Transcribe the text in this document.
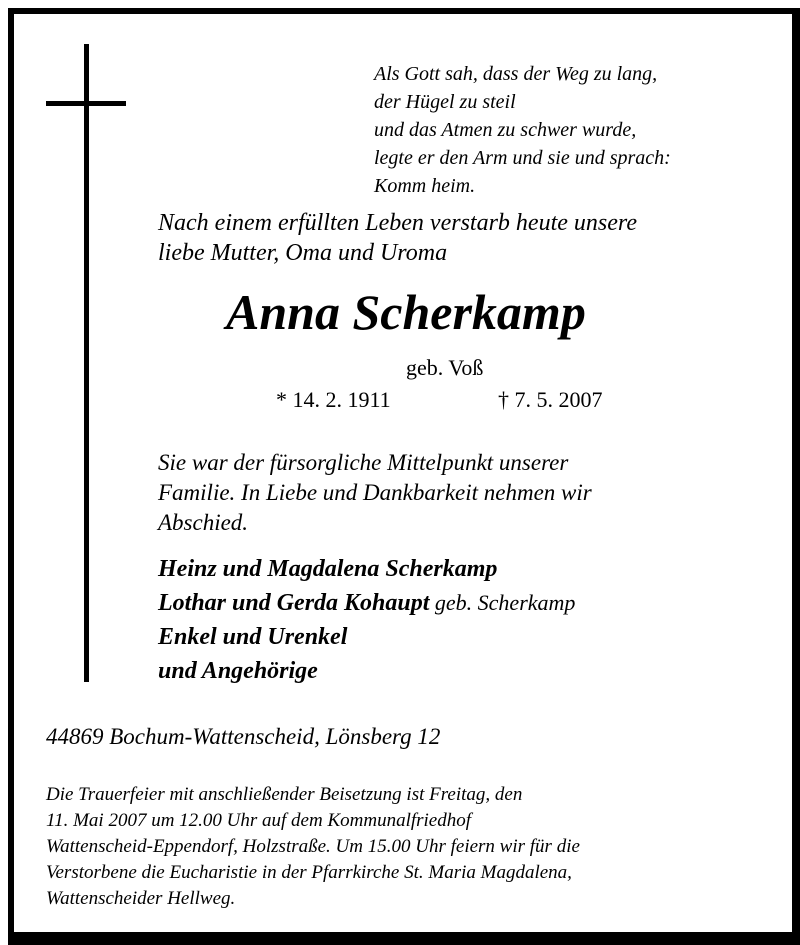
Als Gott sah, dass der Weg zu lang,
der Hügel zu steil
und das Atmen zu schwer wurde,
legte er den Arm und sie und sprach:
Komm heim.
Nach einem erfüllten Leben verstarb heute unsere
liebe Mutter, Oma und Uroma
Anna Scherkamp
geb. Voß
* 14. 2. 1911	† 7. 5. 2007
Sie war der fürsorgliche Mittelpunkt unserer
Familie. In Liebe und Dankbarkeit nehmen wir
Abschied.
Heinz und Magdalena Scherkamp
Lothar und Gerda Kohaupt geb. Scherkamp
Enkel und Urenkel
und Angehörige
44869 Bochum-Wattenscheid, Lönsberg 12
Die Trauerfeier mit anschließender Beisetzung ist Freitag, den
11. Mai 2007 um 12.00 Uhr auf dem Kommunalfriedhof
Wattenscheid-Eppendorf, Holzstraße. Um 15.00 Uhr feiern wir für die
Verstorbene die Eucharistie in der Pfarrkirche St. Maria Magdalena,
Wattenscheider Hellweg.
